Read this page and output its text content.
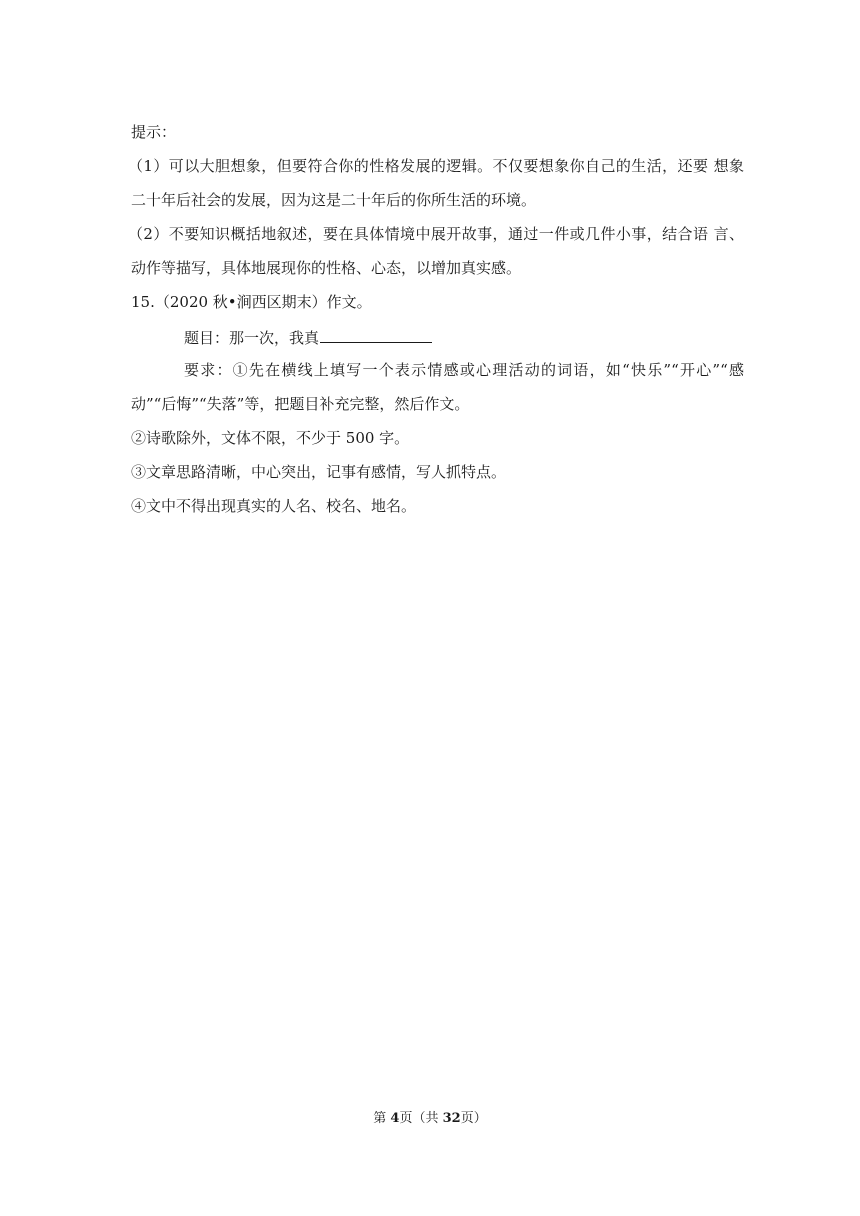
提示：
（1）可以大胆想象，但要符合你的性格发展的逻辑。不仅要想象你自己的生活，还要 想象
二十年后社会的发展，因为这是二十年后的你所生活的环境。
（2）不要知识概括地叙述，要在具体情境中展开故事，通过一件或几件小事，结合语 言、
动作等描写，具体地展现你的性格、心态，以增加真实感。
15.（2020 秋•涧西区期末）作文。
题目：那一次，我真
要求：①先在横线上填写一个表示情感或心理活动的词语，如“快乐”“开心”“感
动”“后悔”“失落”等，把题目补充完整，然后作文。
②诗歌除外，文体不限，不少于 500 字。
③文章思路清晰，中心突出，记事有感情，写人抓特点。
④文中不得出现真实的人名、校名、地名。
第 4页（共 32页）
